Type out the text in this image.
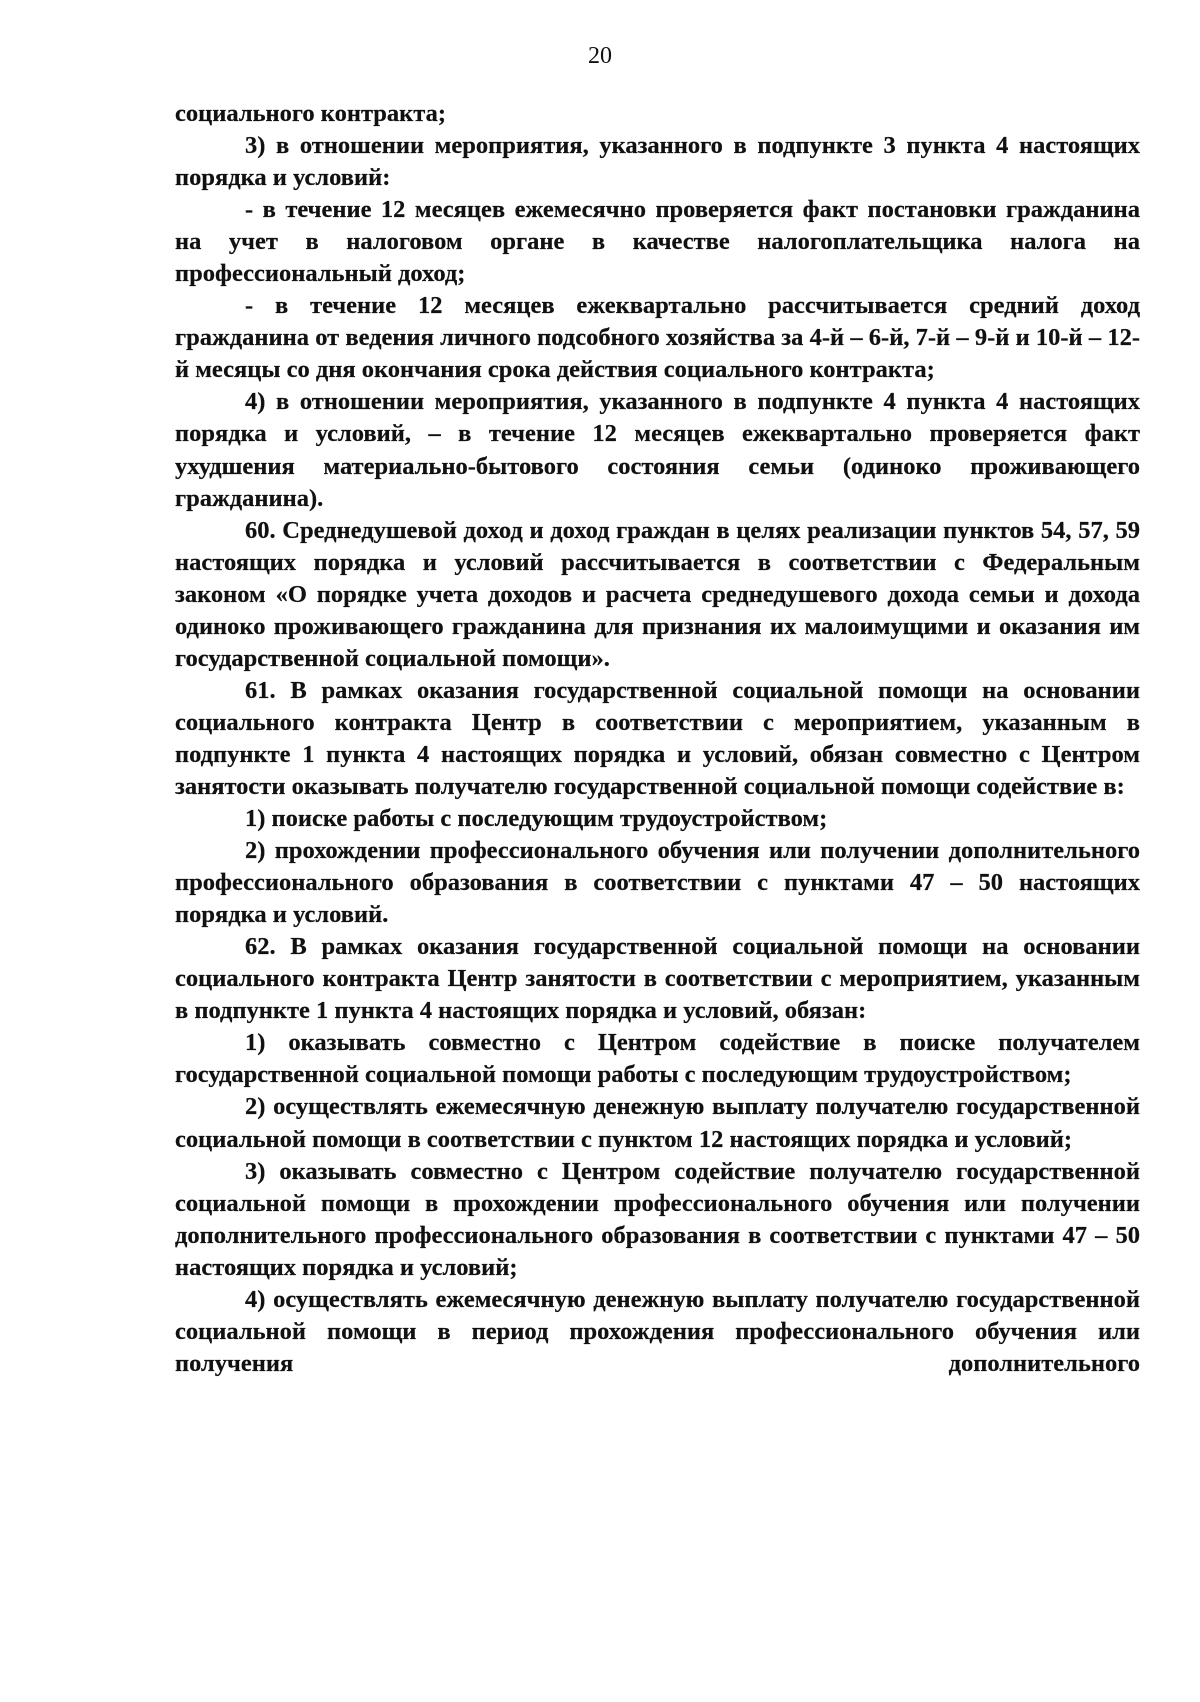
20

социального контракта;

3) в отношении мероприятия, указанного в подпункте 3 пункта 4 настоящих порядка и условий:

- в течение 12 месяцев ежемесячно проверяется факт постановки гражданина на учет в налоговом органе в качестве налогоплательщика налога на профессиональный доход;

- в течение 12 месяцев ежеквартально рассчитывается средний доход гражданина от ведения личного подсобного хозяйства за 4-й – 6-й, 7-й – 9-й и 10-й – 12-й месяцы со дня окончания срока действия социального контракта;

4) в отношении мероприятия, указанного в подпункте 4 пункта 4 настоящих порядка и условий, – в течение 12 месяцев ежеквартально проверяется факт ухудшения материально-бытового состояния семьи (одиноко проживающего гражданина).

60. Среднедушевой доход и доход граждан в целях реализации пунктов 54, 57, 59 настоящих порядка и условий рассчитывается в соответствии с Федеральным законом «О порядке учета доходов и расчета среднедушевого дохода семьи и дохода одиноко проживающего гражданина для признания их малоимущими и оказания им государственной социальной помощи».

61. В рамках оказания государственной социальной помощи на основании социального контракта Центр в соответствии с мероприятием, указанным в подпункте 1 пункта 4 настоящих порядка и условий, обязан совместно с Центром занятости оказывать получателю государственной социальной помощи содействие в:

1) поиске работы с последующим трудоустройством;

2) прохождении профессионального обучения или получении дополнительного профессионального образования в соответствии с пунктами 47 – 50 настоящих порядка и условий.

62. В рамках оказания государственной социальной помощи на основании социального контракта Центр занятости в соответствии с мероприятием, указанным в подпункте 1 пункта 4 настоящих порядка и условий, обязан:

1) оказывать совместно с Центром содействие в поиске получателем государственной социальной помощи работы с последующим трудоустройством;

2) осуществлять ежемесячную денежную выплату получателю государственной социальной помощи в соответствии с пунктом 12 настоящих порядка и условий;

3) оказывать совместно с Центром содействие получателю государственной социальной помощи в прохождении профессионального обучения или получении дополнительного профессионального образования в соответствии с пунктами 47 – 50 настоящих порядка и условий;

4) осуществлять ежемесячную денежную выплату получателю государственной социальной помощи в период прохождения профессионального обучения или получения дополнительного
